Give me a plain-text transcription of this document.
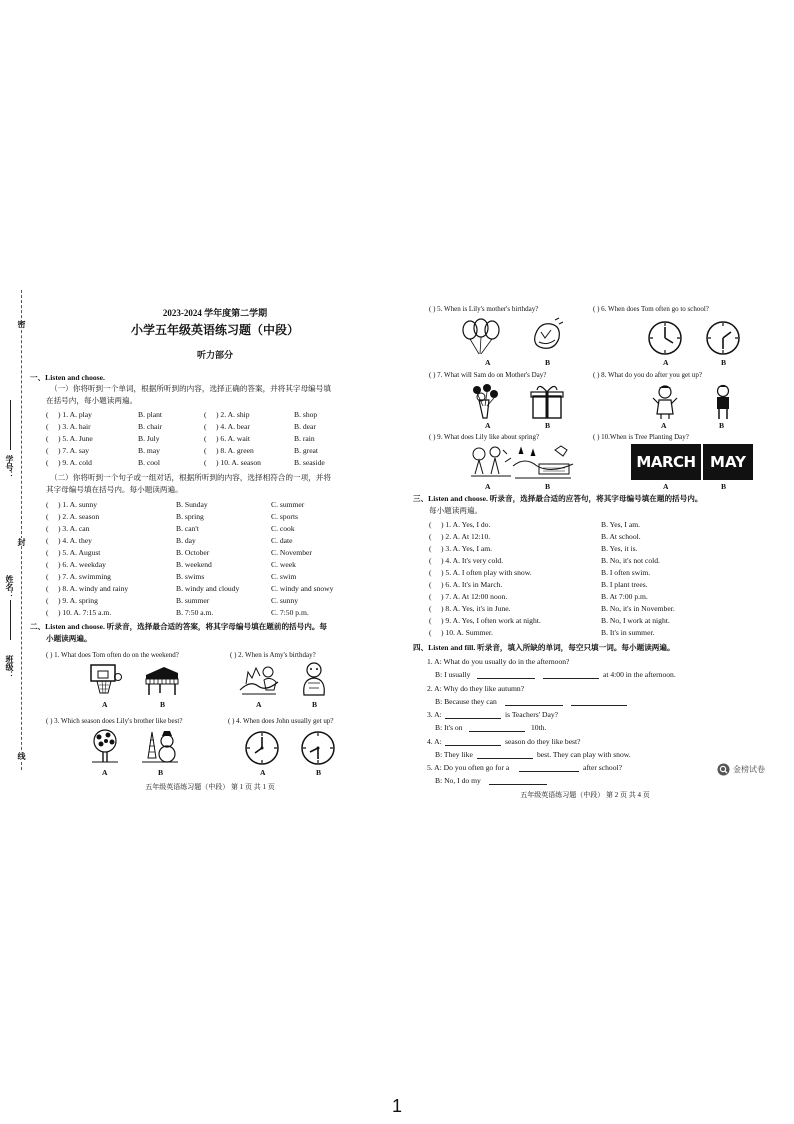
密
学号：
封
姓名：
班级：
线
2023-2024 学年度第二学期
小学五年级英语练习题（中段）
听力部分
一、Listen and choose.
（一）你将听到一个单词，根据所听到的内容，选择正确的答案，并将其字母编号填
在括号内，每小题读两遍。
( ) 1. A. play	B. plant	( ) 2. A. ship	B. shop
( ) 3. A. hair	B. chair	( ) 4. A. bear	B. dear
( ) 5. A. June	B. July	( ) 6. A. wait	B. rain
( ) 7. A. say	B. may	( ) 8. A. green	B. great
( ) 9. A. cold	B. cool	( ) 10. A. season	B. seaside
（二）你将听到一个句子或一组对话，根据所听到的内容，选择相符合的一项，并将
其字母编号填在括号内。每小题读两遍。
( ) 1. A. sunny	B. Sunday	C. summer
( ) 2. A. season	B. spring	C. sports
( ) 3. A. can	B. can't	C. cook
( ) 4. A. they	B. day	C. date
( ) 5. A. August	B. October	C. November
( ) 6. A. weekday	B. weekend	C. week
( ) 7. A. swimming	B. swims	C. swim
( ) 8. A. windy and rainy	B. windy and cloudy	C. windy and snowy
( ) 9. A. spring	B. summer	C. sunny
( ) 10. A. 7:15 a.m.	B. 7:50 a.m.	C. 7:50 p.m.
二、Listen and choose. 听录音，选择最合适的答案，将其字母编号填在题前的括号内。每
小题读两遍。
( ) 1. What does Tom often do on the weekend?	( ) 2. When is Amy's birthday?
A	B	A	B
( ) 3. Which season does Lily's brother like best?	( ) 4. When does John usually get up?
A	B	A	B
五年级英语练习题（中段） 第 1 页 共 1 页
( ) 5. When is Lily's mother's birthday?	( ) 6. When does Tom often go to school?
A	B	A	B
( ) 7. What will Sam do on Mother's Day?	( ) 8. What do you do after you get up?
A	B	A	B
( ) 9. What does Lily like about spring?	( ) 10.When is Tree Planting Day?
A	B
MARCH MAY
A	B
三、Listen and choose. 听录音，选择最合适的应答句，将其字母编号填在题的括号内。
每小题读两遍。
( ) 1. A. Yes, I do.	B. Yes, I am.
( ) 2. A. At 12:10.	B. At school.
( ) 3. A. Yes, I am.	B. Yes, it is.
( ) 4. A. It's very cold.	B. No, it's not cold.
( ) 5. A. I often play with snow.	B. I often swim.
( ) 6. A. It's in March.	B. I plant trees.
( ) 7. A. At 12:00 noon.	B. At 7:00 p.m.
( ) 8. A. Yes, it's in June.	B. No, it's in November.
( ) 9. A. Yes, I often work at night.	B. No, I work at night.
( ) 10. A. Summer.	B. It's in summer.
四、Listen and fill. 听录音，填入所缺的单词，每空只填一词。每小题读两遍。
1. A: What do you usually do in the afternoon?
B: I usually	at 4:00 in the afternoon.
2. A: Why do they like autumn?
B: Because they can
3. A:	is Teachers' Day?
B: It's on	10th.
4. A:	season do they like best?
B: They like	best. They can play with snow.
5. A: Do you often go for a	after school?
B: No, I do my
五年级英语练习题（中段） 第 2 页 共 4 页
金榜试卷
1
